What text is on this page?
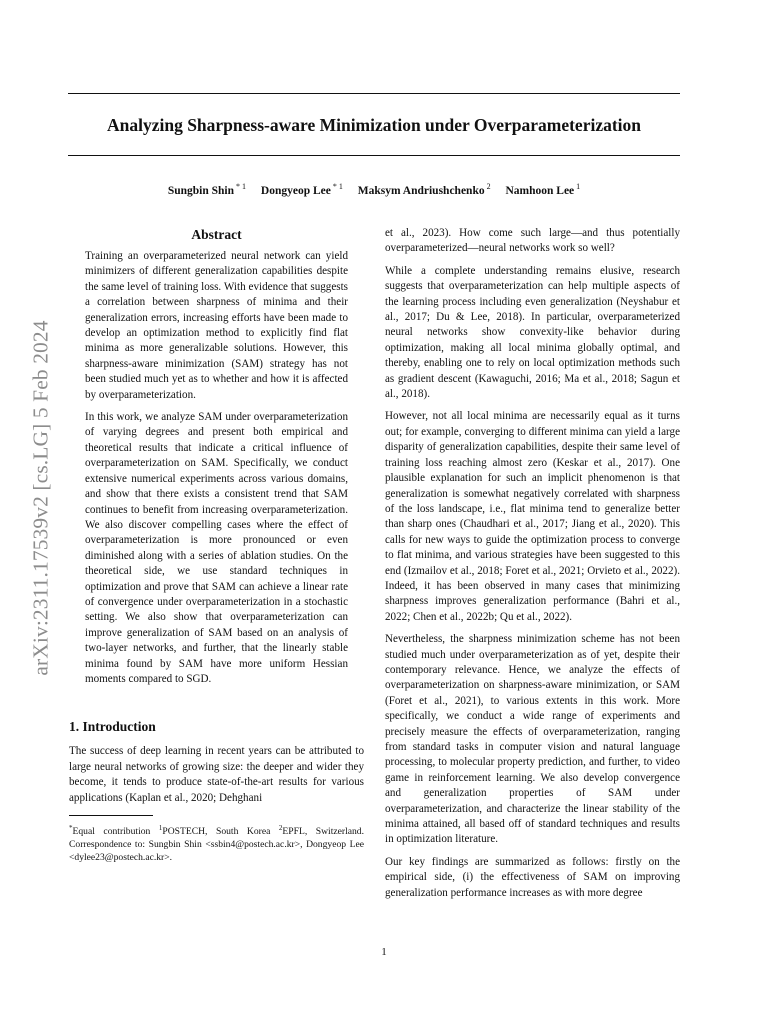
Analyzing Sharpness-aware Minimization under Overparameterization
Sungbin Shin $^{* 1}$ Dongyeop Lee $^{* 1}$ Maksym Andriushchenko $^2$ Namhoon Lee $^1$
arXiv:2311.17539v2 [cs.LG] 5 Feb 2024
Abstract

Training an overparameterized neural network can yield minimizers of different generalization capabilities despite the same level of training loss. With evidence that suggests a correlation between sharpness of minima and their generalization errors, increasing efforts have been made to develop an optimization method to explicitly find flat minima as more generalizable solutions. However, this sharpness-aware minimization (SAM) strategy has not been studied much yet as to whether and how it is affected by overparameterization.

In this work, we analyze SAM under overparameterization of varying degrees and present both empirical and theoretical results that indicate a critical influence of overparameterization on SAM. Specifically, we conduct extensive numerical experiments across various domains, and show that there exists a consistent trend that SAM continues to benefit from increasing overparameterization. We also discover compelling cases where the effect of overparameterization is more pronounced or even diminished along with a series of ablation studies. On the theoretical side, we use standard techniques in optimization and prove that SAM can achieve a linear rate of convergence under overparameterization in a stochastic setting. We also show that overparameterization can improve generalization of SAM based on an analysis of two-layer networks, and further, that the linearly stable minima found by SAM have more uniform Hessian moments compared to SGD.

1. Introduction

The success of deep learning in recent years can be attributed to large neural networks of growing size: the deeper and wider they become, it tends to produce state-of-the-art results for various applications (Kaplan et al., 2020; Dehghani

*Equal contribution $^1$POSTECH, South Korea $^2$EPFL, Switzerland. Correspondence to: Sungbin Shin <ssbin4@postech.ac.kr>, Dongyeop Lee <dylee23@postech.ac.kr>.

et al., 2023). How come such large—and thus potentially overparameterized—neural networks work so well?

While a complete understanding remains elusive, research suggests that overparameterization can help multiple aspects of the learning process including even generalization (Neyshabur et al., 2017; Du & Lee, 2018). In particular, overparameterized neural networks show convexity-like behavior during optimization, making all local minima globally optimal, and thereby, enabling one to rely on local optimization methods such as gradient descent (Kawaguchi, 2016; Ma et al., 2018; Sagun et al., 2018).

However, not all local minima are necessarily equal as it turns out; for example, converging to different minima can yield a large disparity of generalization capabilities, despite their same level of training loss reaching almost zero (Keskar et al., 2017). One plausible explanation for such an implicit phenomenon is that generalization is somewhat negatively correlated with sharpness of the loss landscape, i.e., flat minima tend to generalize better than sharp ones (Chaudhari et al., 2017; Jiang et al., 2020). This calls for new ways to guide the optimization process to converge to flat minima, and various strategies have been suggested to this end (Izmailov et al., 2018; Foret et al., 2021; Orvieto et al., 2022). Indeed, it has been observed in many cases that minimizing sharpness improves generalization performance (Bahri et al., 2022; Chen et al., 2022b; Qu et al., 2022).

Nevertheless, the sharpness minimization scheme has not been studied much under overparameterization as of yet, despite their contemporary relevance. Hence, we analyze the effects of overparameterization on sharpness-aware minimization, or SAM (Foret et al., 2021), to various extents in this work. More specifically, we conduct a wide range of experiments and precisely measure the effects of overparameterization, ranging from standard tasks in computer vision and natural language processing, to molecular property prediction, and further, to video game in reinforcement learning. We also develop convergence and generalization properties of SAM under overparameterization, and characterize the linear stability of the minima attained, all based off of standard techniques and results in optimization literature.

Our key findings are summarized as follows: firstly on the empirical side, (i) the effectiveness of SAM on improving generalization performance increases as with more degree

1
